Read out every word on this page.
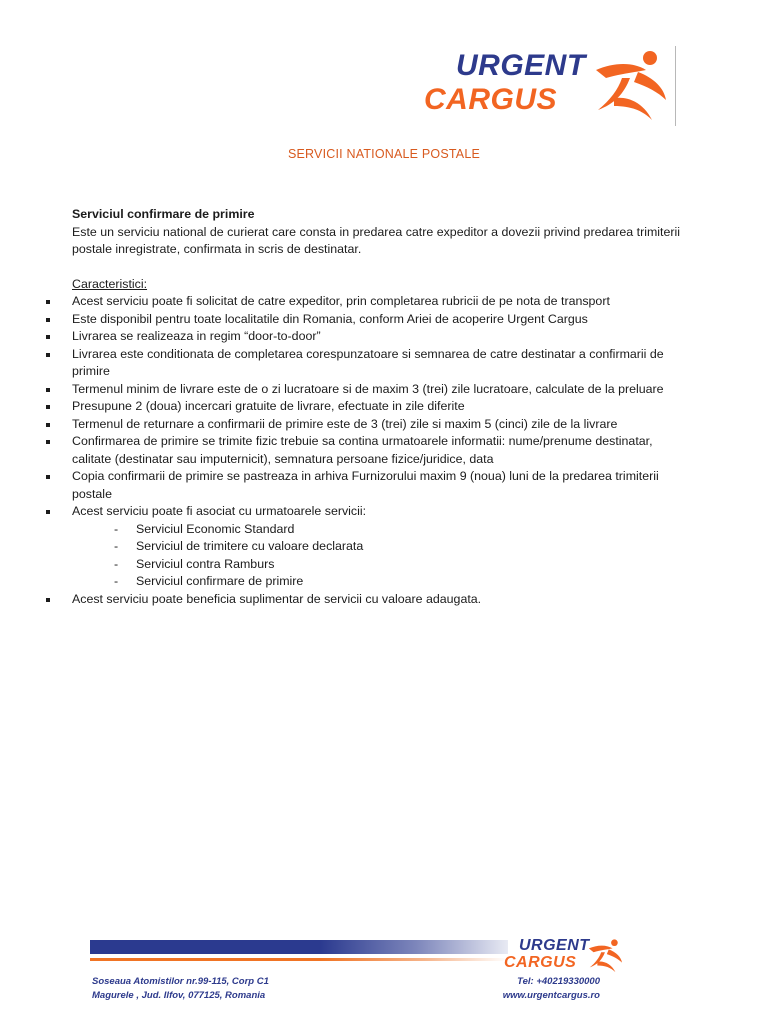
URGENT
CARGUS
SERVICII NATIONALE POSTALE

Serviciul confirmare de primire

Este un serviciu national de curierat care consta in predarea catre expeditor a dovezii privind predarea trimiterii postale inregistrate, confirmata in scris de destinatar.

Caracteristici:

Acest serviciu poate fi solicitat de catre expeditor, prin completarea rubricii de pe nota de transport
Este disponibil pentru toate localitatile din Romania, conform Ariei de acoperire Urgent Cargus
Livrarea se realizeaza in regim “door-to-door”
Livrarea este conditionata de completarea corespunzatoare si semnarea de catre destinatar a confirmarii de primire
Termenul minim de livrare este de o zi lucratoare si de maxim 3 (trei) zile lucratoare, calculate de la preluare
Presupune 2 (doua) incercari gratuite de livrare, efectuate in zile diferite
Termenul de returnare a confirmarii de primire este de 3 (trei) zile si maxim 5 (cinci) zile de la livrare
Confirmarea de primire se trimite fizic trebuie sa contina urmatoarele informatii: nume/prenume destinatar, calitate (destinatar sau imputernicit), semnatura persoane fizice/juridice, data
Copia confirmarii de primire se pastreaza in arhiva Furnizorului maxim 9 (noua) luni de la predarea trimiterii postale
Acest serviciu poate fi asociat cu urmatoarele servicii:
- Serviciul Economic Standard
- Serviciul de trimitere cu valoare declarata
- Serviciul contra Ramburs
- Serviciul confirmare de primire
Acest serviciu poate beneficia suplimentar de servicii cu valoare adaugata.
URGENT
CARGUS
Soseaua Atomistilor nr.99-115, Corp C1
Magurele , Jud. Ilfov, 077125, Romania
Tel: +40219330000
www.urgentcargus.ro
